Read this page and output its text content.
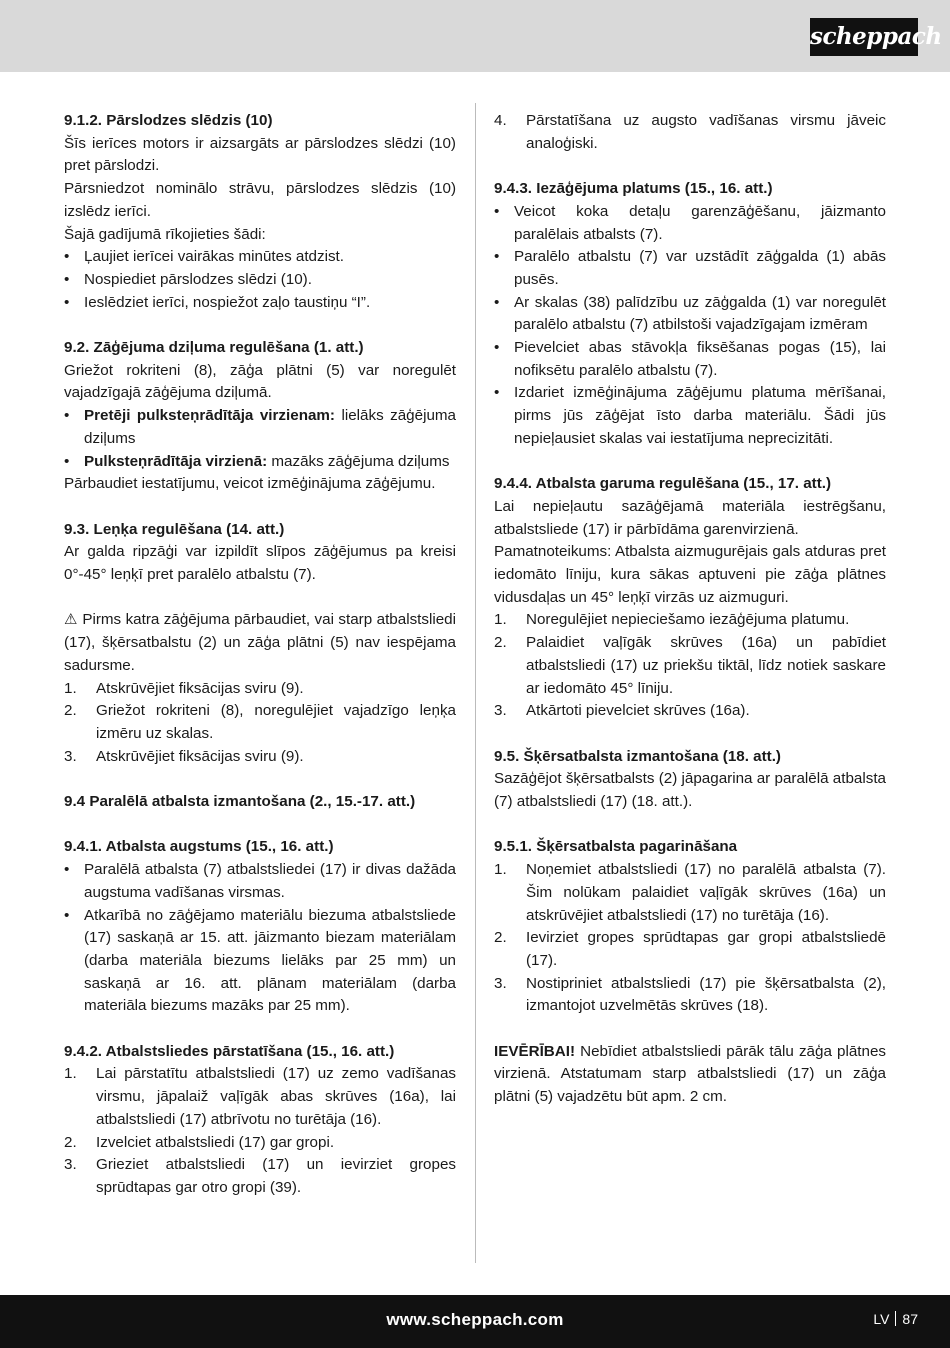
scheppach

9.1.2. Pārslodzes slēdzis (10)

Šīs ierīces motors ir aizsargāts ar pārslodzes slēdzi (10) pret pārslodzi.

Pārsniedzot nominālo strāvu, pārslodzes slēdzis (10) izslēdz ierīci.

Šajā gadījumā rīkojieties šādi:

• Ļaujiet ierīcei vairākas minūtes atdzist.
• Nospiediet pārslodzes slēdzi (10).
• Ieslēdziet ierīci, nospiežot zaļo taustiņu “I”.

9.2. Zāģējuma dziļuma regulēšana (1. att.)

Griežot rokriteni (8), zāģa plātni (5) var noregulēt vajadzīgajā zāģējuma dziļumā.

• Pretēji pulksteņrādītāja virzienam: lielāks zāģējuma dziļums
• Pulksteņrādītāja virzienā: mazāks zāģējuma dziļums

Pārbaudiet iestatījumu, veicot izmēģinājuma zāģējumu.

9.3. Leņķa regulēšana (14. att.)

Ar galda ripzāģi var izpildīt slīpos zāģējumus pa kreisi 0°-45° leņķī pret paralēlo atbalstu (7).

⚠ Pirms katra zāģējuma pārbaudiet, vai starp atbalstsliedi (17), šķērsatbalstu (2) un zāģa plātni (5) nav iespējama sadursme.

1. Atskrūvējiet fiksācijas sviru (9).
2. Griežot rokriteni (8), noregulējiet vajadzīgo leņķa izmēru uz skalas.
3. Atskrūvējiet fiksācijas sviru (9).

9.4 Paralēlā atbalsta izmantošana (2., 15.-17. att.)

9.4.1. Atbalsta augstums (15., 16. att.)

• Paralēlā atbalsta (7) atbalstsliedei (17) ir divas dažāda augstuma vadīšanas virsmas.
• Atkarībā no zāģējamo materiālu biezuma atbalstsliede (17) saskaņā ar 15. att. jāizmanto biezam materiālam (darba materiāla biezums lielāks par 25 mm) un saskaņā ar 16. att. plānam materiālam (darba materiāla biezums mazāks par 25 mm).

9.4.2. Atbalstsliedes pārstatīšana (15., 16. att.)

1. Lai pārstatītu atbalstsliedi (17) uz zemo vadīšanas virsmu, jāpalaiž vaļīgāk abas skrūves (16a), lai atbalstsliedi (17) atbrīvotu no turētāja (16).
2. Izvelciet atbalstsliedi (17) gar gropi.
3. Grieziet atbalstsliedi (17) un ievirziet gropes sprūdtapas gar otro gropi (39).
4. Pārstatīšana uz augsto vadīšanas virsmu jāveic analoģiski.

9.4.3. Iezāģējuma platums (15., 16. att.)

• Veicot koka detaļu garenzāģēšanu, jāizmanto paralēlais atbalsts (7).
• Paralēlo atbalstu (7) var uzstādīt zāģgalda (1) abās pusēs.
• Ar skalas (38) palīdzību uz zāģgalda (1) var noregulēt paralēlo atbalstu (7) atbilstoši vajadzīgajam izmēram
• Pievelciet abas stāvokļa fiksēšanas pogas (15), lai nofiksētu paralēlo atbalstu (7).
• Izdariet izmēģinājuma zāģējumu platuma mērīšanai, pirms jūs zāģējat īsto darba materiālu. Šādi jūs nepieļausiet skalas vai iestatījuma neprecizitāti.

9.4.4. Atbalsta garuma regulēšana (15., 17. att.)

Lai nepieļautu sazāģējamā materiāla iestrēgšanu, atbalstsliede (17) ir pārbīdāma garenvirzienā.

Pamatnoteikums: Atbalsta aizmugurējais gals atduras pret iedomāto līniju, kura sākas aptuveni pie zāģa plātnes vidusdaļas un 45° leņķī virzās uz aizmuguri.

1. Noregulējiet nepieciešamo iezāģējuma platumu.
2. Palaidiet vaļīgāk skrūves (16a) un pabīdiet atbalstsliedi (17) uz priekšu tiktāl, līdz notiek saskare ar iedomāto 45° līniju.
3. Atkārtoti pievelciet skrūves (16a).

9.5. Šķērsatbalsta izmantošana (18. att.)

Sazāģējot šķērsatbalsts (2) jāpagarina ar paralēlā atbalsta (7) atbalstsliedi (17) (18. att.).

9.5.1. Šķērsatbalsta pagarināšana

1. Noņemiet atbalstsliedi (17) no paralēlā atbalsta (7). Šim nolūkam palaidiet vaļīgāk skrūves (16a) un atskrūvējiet atbalstsliedi (17) no turētāja (16).
2. Ievirziet gropes sprūdtapas gar gropi atbalstsliedē (17).
3. Nostipriniet atbalstsliedi (17) pie šķērsatbalsta (2), izmantojot uzvelmētās skrūves (18).

IEVĒRĪBAI! Nebīdiet atbalstsliedi pārāk tālu zāģa plātnes virzienā. Atstatumam starp atbalstsliedi (17) un zāģa plātni (5) vajadzētu būt apm. 2 cm.

www.scheppach.com	LV 87
